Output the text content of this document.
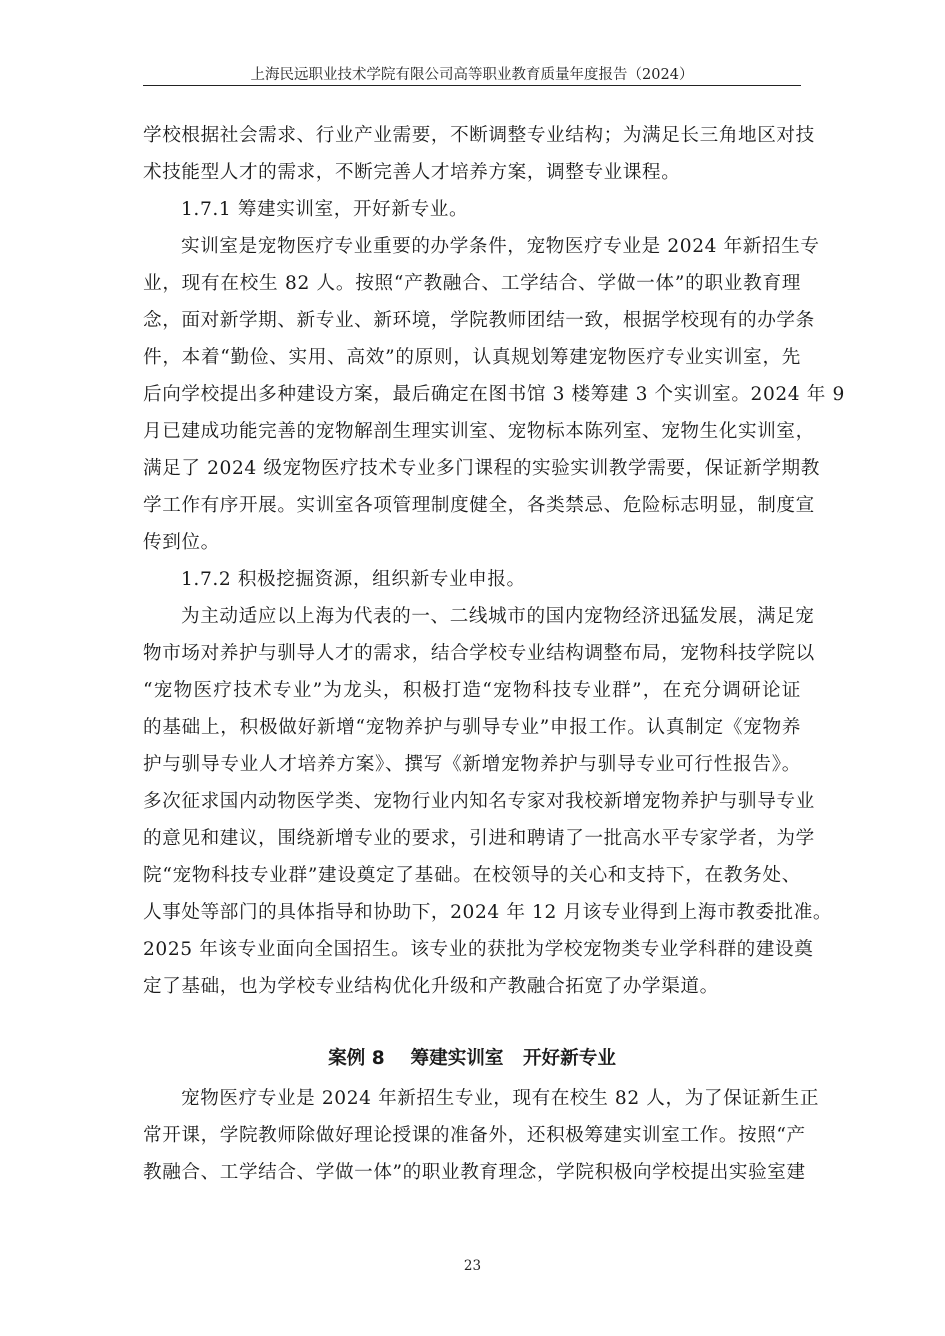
上海民远职业技术学院有限公司高等职业教育质量年度报告（2024）
学校根据社会需求、行业产业需要，不断调整专业结构；为满足长三角地区对技
术技能型人才的需求，不断完善人才培养方案，调整专业课程。
1.7.1 筹建实训室，开好新专业。
实训室是宠物医疗专业重要的办学条件，宠物医疗专业是 2024 年新招生专
业，现有在校生 82 人。按照“产教融合、工学结合、学做一体”的职业教育理
念，面对新学期、新专业、新环境，学院教师团结一致，根据学校现有的办学条
件，本着“勤俭、实用、高效”的原则，认真规划筹建宠物医疗专业实训室，先
后向学校提出多种建设方案，最后确定在图书馆 3 楼筹建 3 个实训室。2024 年 9
月已建成功能完善的宠物解剖生理实训室、宠物标本陈列室、宠物生化实训室，
满足了 2024 级宠物医疗技术专业多门课程的实验实训教学需要，保证新学期教
学工作有序开展。实训室各项管理制度健全，各类禁忌、危险标志明显，制度宣
传到位。
1.7.2 积极挖掘资源，组织新专业申报。
为主动适应以上海为代表的一、二线城市的国内宠物经济迅猛发展，满足宠
物市场对养护与驯导人才的需求，结合学校专业结构调整布局，宠物科技学院以
“宠物医疗技术专业”为龙头，积极打造“宠物科技专业群”，在充分调研论证
的基础上，积极做好新增“宠物养护与驯导专业”申报工作。认真制定《宠物养
护与驯导专业人才培养方案》、撰写《新增宠物养护与驯导专业可行性报告》。
多次征求国内动物医学类、宠物行业内知名专家对我校新增宠物养护与驯导专业
的意见和建议，围绕新增专业的要求，引进和聘请了一批高水平专家学者，为学
院“宠物科技专业群”建设奠定了基础。在校领导的关心和支持下，在教务处、
人事处等部门的具体指导和协助下，2024 年 12 月该专业得到上海市教委批准。
2025 年该专业面向全国招生。该专业的获批为学校宠物类专业学科群的建设奠
定了基础，也为学校专业结构优化升级和产教融合拓宽了办学渠道。
案例 8    筹建实训室   开好新专业
宠物医疗专业是 2024 年新招生专业，现有在校生 82 人，为了保证新生正
常开课，学院教师除做好理论授课的准备外，还积极筹建实训室工作。按照“产
教融合、工学结合、学做一体”的职业教育理念，学院积极向学校提出实验室建
23
